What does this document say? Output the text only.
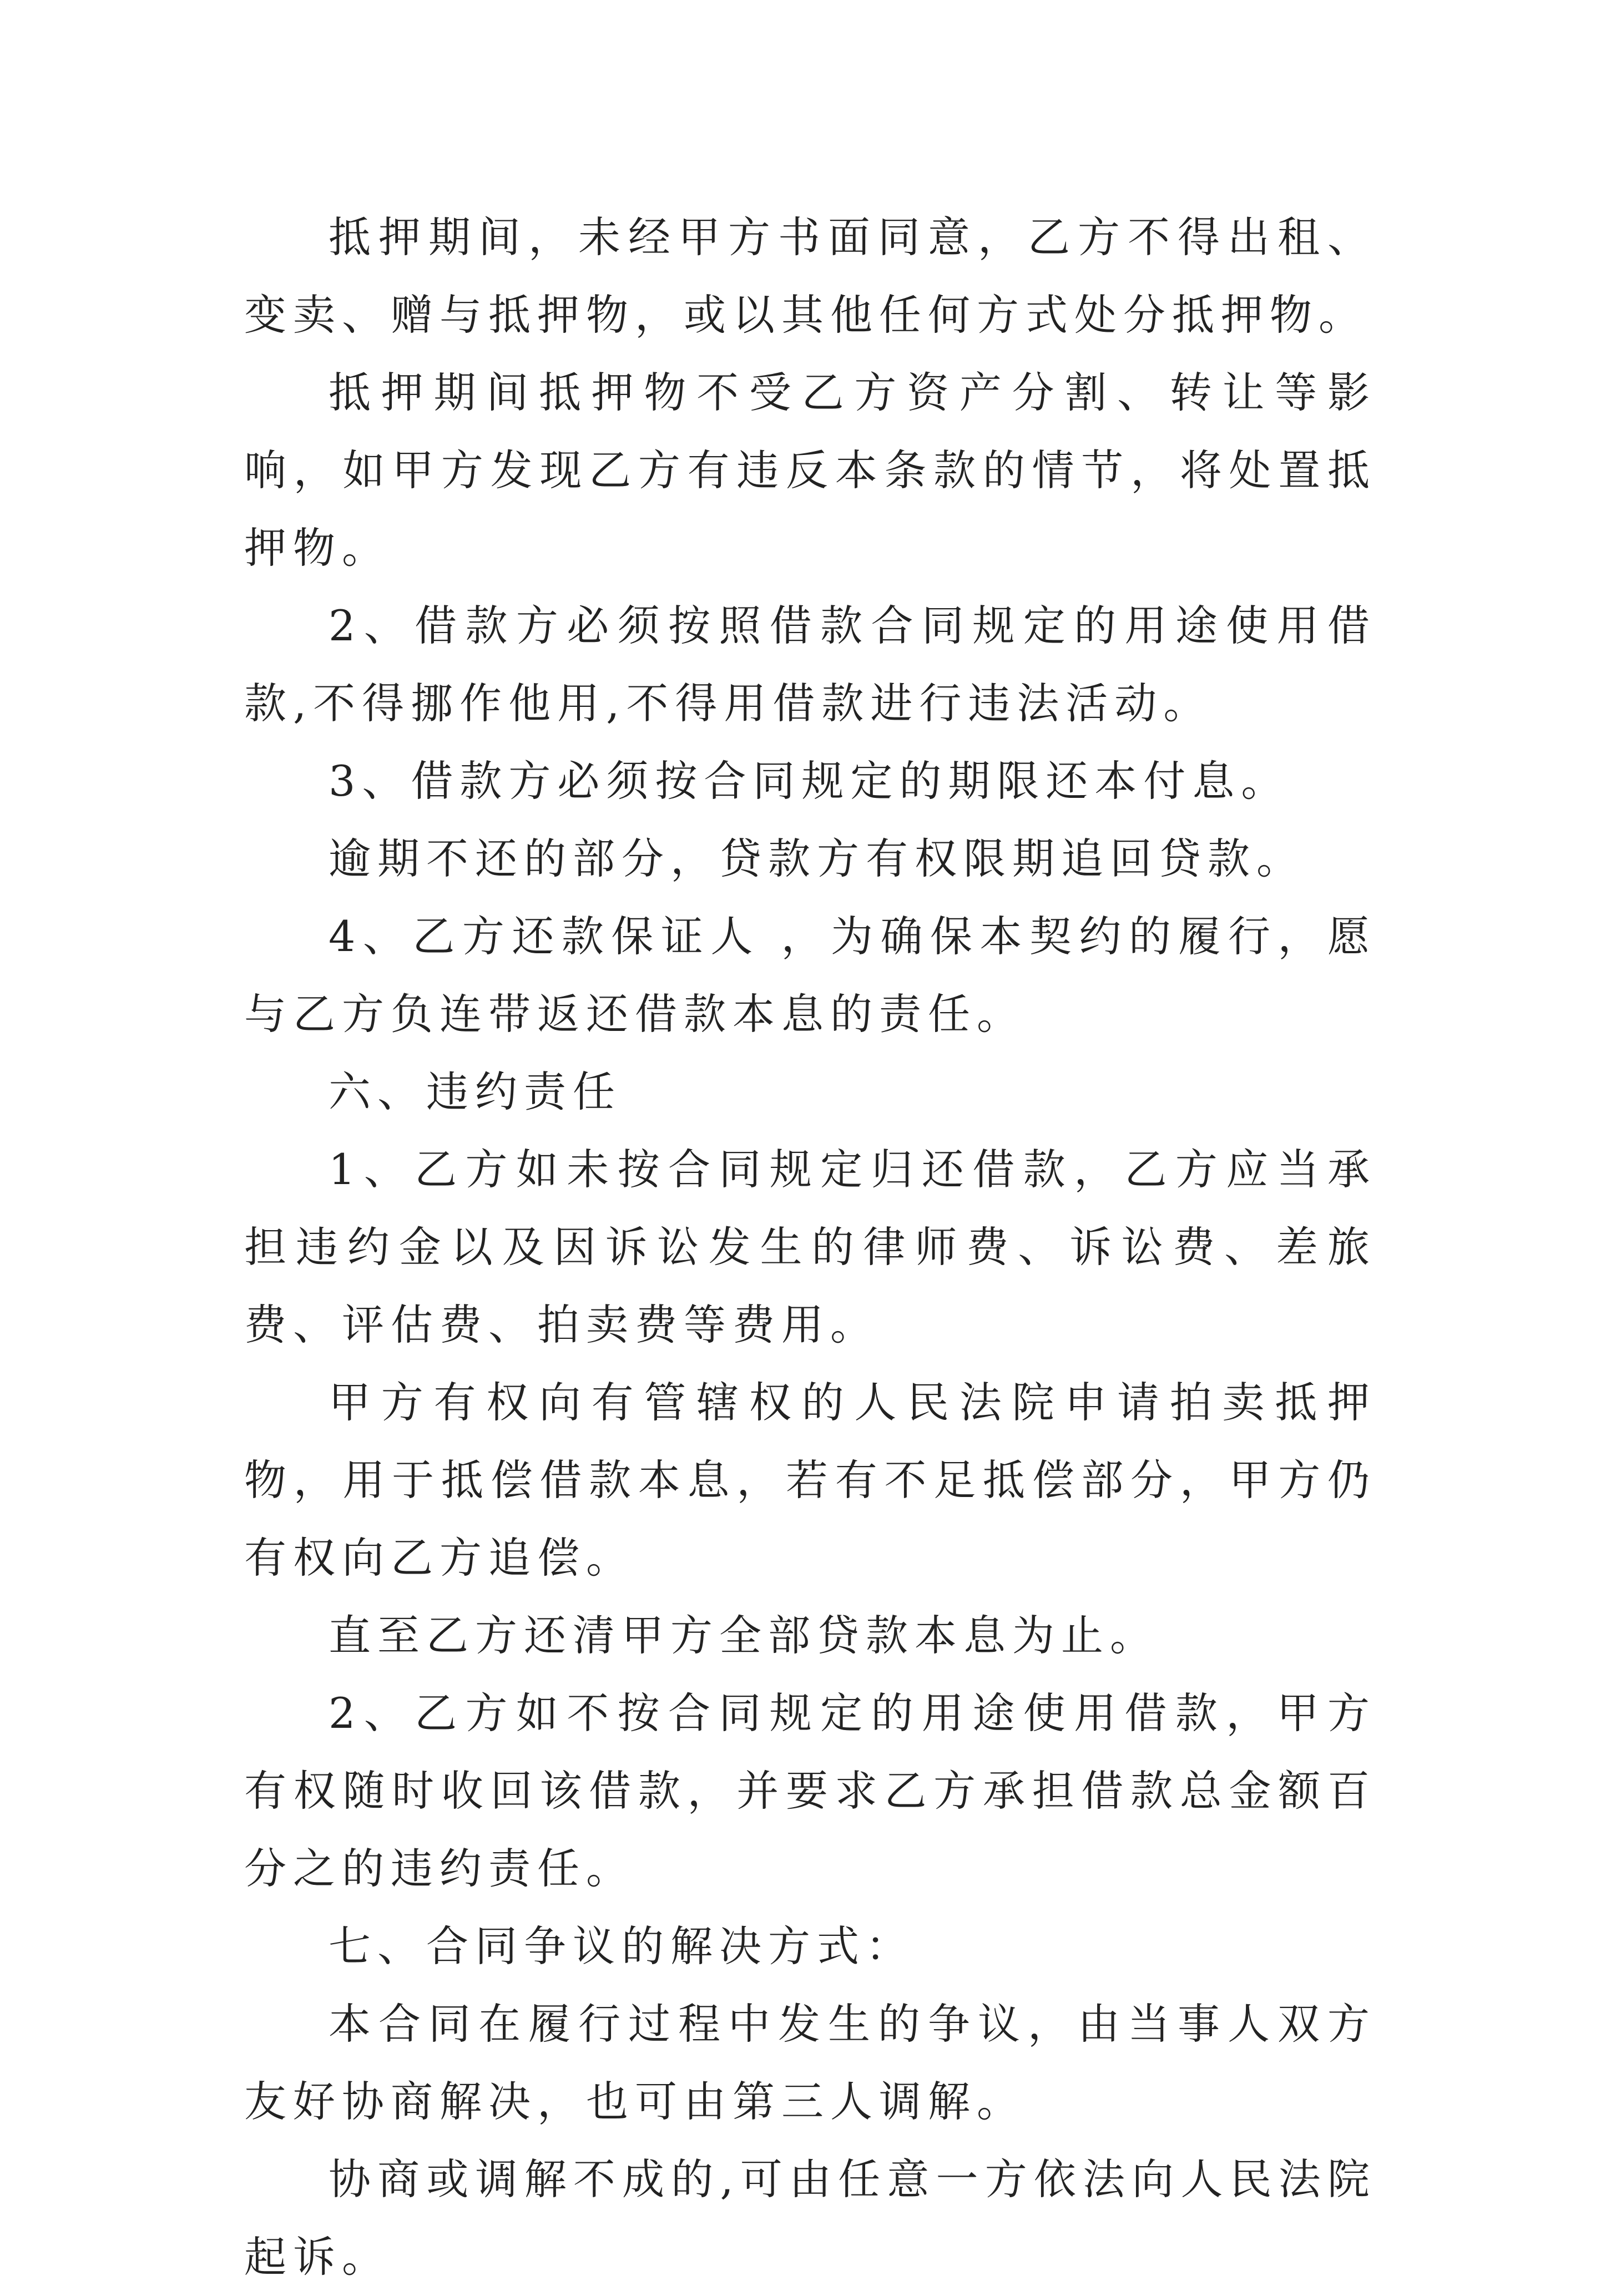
抵押期间，未经甲方书面同意，乙方不得出租、变卖、赠与抵押物，或以其他任何方式处分抵押物。

抵押期间抵押物不受乙方资产分割、转让等影响，如甲方发现乙方有违反本条款的情节，将处置抵押物。

2、借款方必须按照借款合同规定的用途使用借款,不得挪作他用,不得用借款进行违法活动。

3、借款方必须按合同规定的期限还本付息。

逾期不还的部分，贷款方有权限期追回贷款。

4、乙方还款保证人 ，为确保本契约的履行，愿与乙方负连带返还借款本息的责任。

六、违约责任

1、乙方如未按合同规定归还借款，乙方应当承担违约金以及因诉讼发生的律师费、诉讼费、差旅费、评估费、拍卖费等费用。

甲方有权向有管辖权的人民法院申请拍卖抵押物，用于抵偿借款本息，若有不足抵偿部分，甲方仍有权向乙方追偿。

直至乙方还清甲方全部贷款本息为止。

2、乙方如不按合同规定的用途使用借款，甲方有权随时收回该借款，并要求乙方承担借款总金额百分之的违约责任。

七、合同争议的解决方式：

本合同在履行过程中发生的争议，由当事人双方友好协商解决，也可由第三人调解。

协商或调解不成的,可由任意一方依法向人民法院起诉。
